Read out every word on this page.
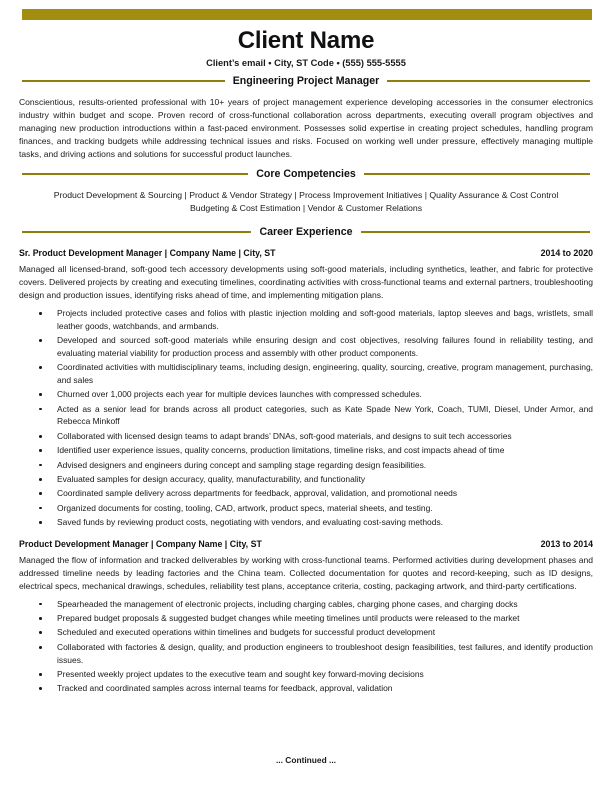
Client Name
Client’s email • City, ST Code • (555) 555-5555
Engineering Project Manager
Conscientious, results-oriented professional with 10+ years of project management experience developing accessories in the consumer electronics industry within budget and scope. Proven record of cross-functional collaboration across departments, executing overall program objectives and managing new production introductions within a fast-paced environment. Possesses solid expertise in creating project schedules, handling program finances, and tracking budgets while addressing technical issues and risks. Focused on working well under pressure, effectively managing multiple tasks, and driving actions and solutions for successful product launches.
Core Competencies
Product Development & Sourcing | Product & Vendor Strategy | Process Improvement Initiatives | Quality Assurance & Cost Control
Budgeting & Cost Estimation | Vendor & Customer Relations
Career Experience
Sr. Product Development Manager | Company Name | City, ST	2014 to 2020
Managed all licensed-brand, soft-good tech accessory developments using soft-good materials, including synthetics, leather, and fabric for protective covers. Delivered projects by creating and executing timelines, coordinating activities with cross-functional teams and external partners, troubleshooting design and production issues, identifying risks ahead of time, and implementing mitigation plans.
Projects included protective cases and folios with plastic injection molding and soft-good materials, laptop sleeves and bags, wristlets, small leather goods, watchbands, and armbands.
Developed and sourced soft-good materials while ensuring design and cost objectives, resolving failures found in reliability testing, and evaluating material viability for production process and assembly with other product components.
Coordinated activities with multidisciplinary teams, including design, engineering, quality, sourcing, creative, program management, purchasing, and sales
Churned over 1,000 projects each year for multiple devices launches with compressed schedules.
Acted as a senior lead for brands across all product categories, such as Kate Spade New York, Coach, TUMI, Diesel, Under Armor, and Rebecca Minkoff
Collaborated with licensed design teams to adapt brands’ DNAs, soft-good materials, and designs to suit tech accessories
Identified user experience issues, quality concerns, production limitations, timeline risks, and cost impacts ahead of time
Advised designers and engineers during concept and sampling stage regarding design feasibilities.
Evaluated samples for design accuracy, quality, manufacturability, and functionality
Coordinated sample delivery across departments for feedback, approval, validation, and promotional needs
Organized documents for costing, tooling, CAD, artwork, product specs, material sheets, and testing.
Saved funds by reviewing product costs, negotiating with vendors, and evaluating cost-saving methods.
Product Development Manager | Company Name | City, ST	2013 to 2014
Managed the flow of information and tracked deliverables by working with cross-functional teams. Performed activities during development phases and addressed timeline needs by leading factories and the China team. Collected documentation for quotes and record-keeping, such as ID designs, electrical specs, mechanical drawings, schedules, reliability test plans, acceptance criteria, costing, packaging artwork, and third-party certifications.
Spearheaded the management of electronic projects, including charging cables, charging phone cases, and charging docks
Prepared budget proposals & suggested budget changes while meeting timelines until products were released to the market
Scheduled and executed operations within timelines and budgets for successful product development
Collaborated with factories & design, quality, and production engineers to troubleshoot design feasibilities, test failures, and identify production issues.
Presented weekly project updates to the executive team and sought key forward-moving decisions
Tracked and coordinated samples across internal teams for feedback, approval, validation
... Continued ...
